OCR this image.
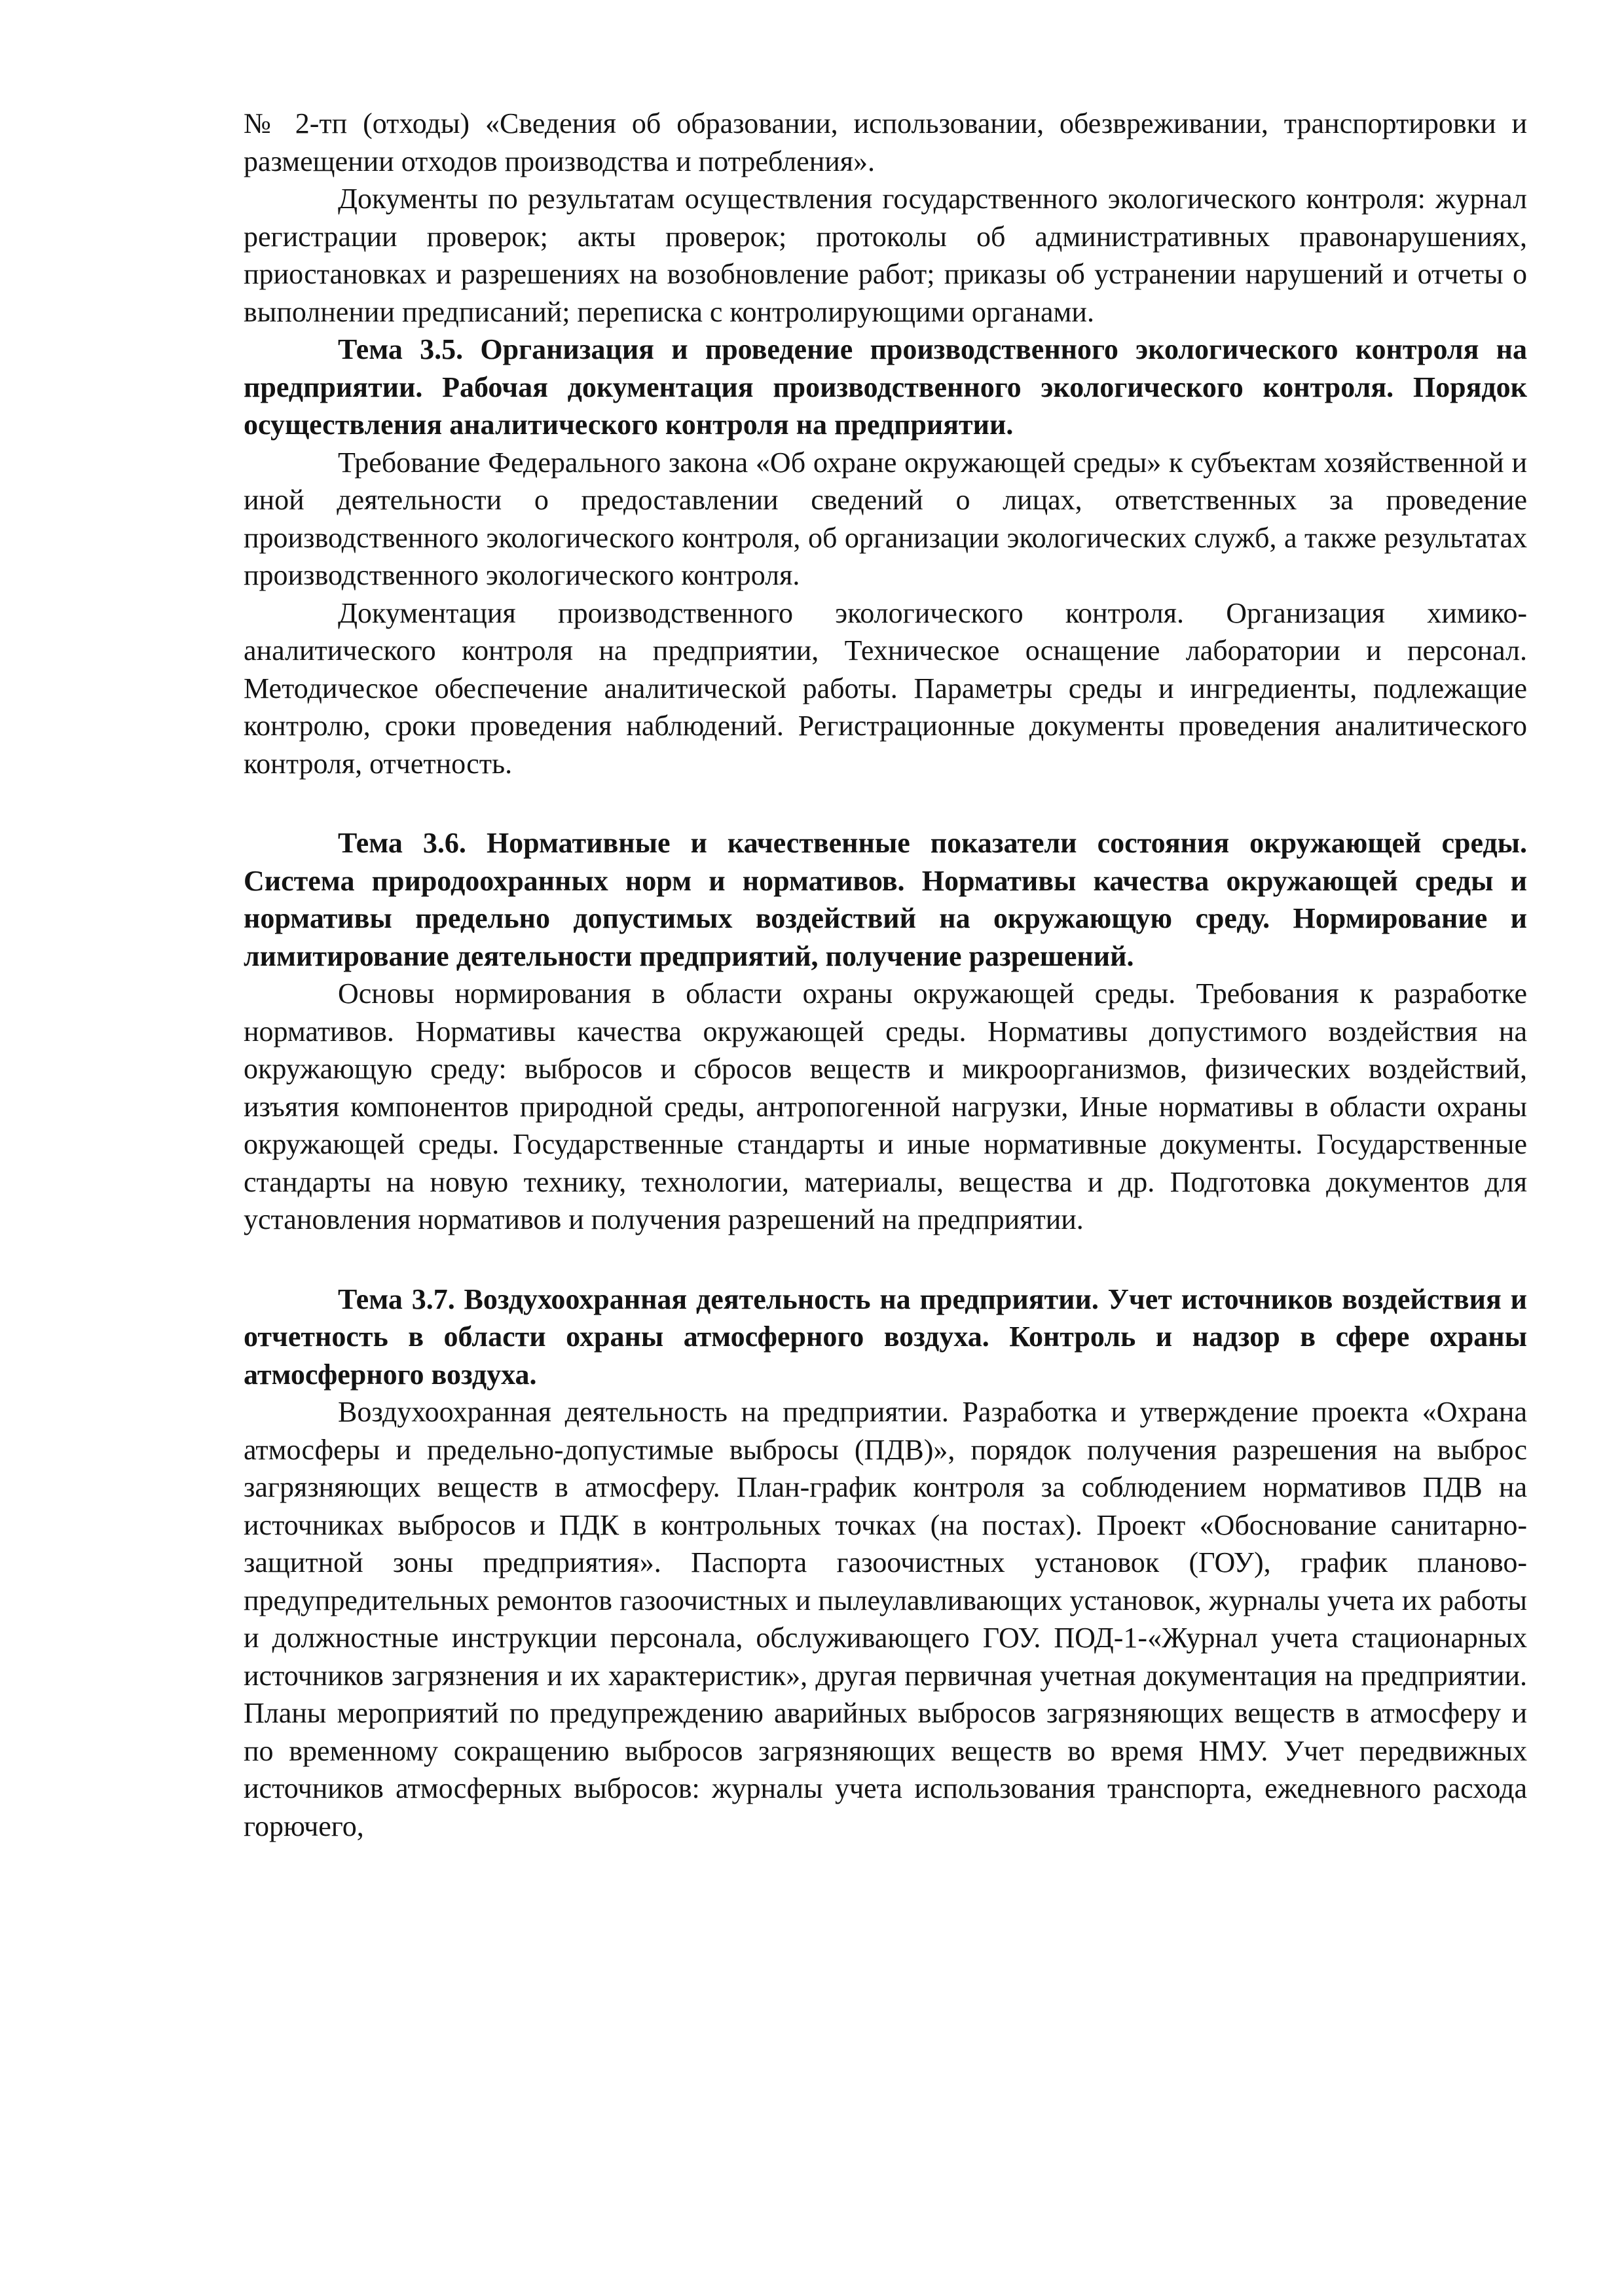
№ 2-тп (отходы) «Сведения об образовании, использовании, обезвреживании, транспортировки и размещении отходов производства и потребления».

Документы по результатам осуществления государственного экологического контроля: журнал регистрации проверок; акты проверок; протоколы об административных правонарушениях, приостановках и разрешениях на возобновление работ; приказы об устранении нарушений и отчеты о выполнении предписаний; переписка с контролирующими органами.

Тема 3.5. Организация и проведение производственного экологического контроля на предприятии. Рабочая документация производственного экологического контроля. Порядок осуществления аналитического контроля на предприятии.

Требование Федерального закона «Об охране окружающей среды» к субъектам хозяйственной и иной деятельности о предоставлении сведений о лицах, ответственных за проведение производственного экологического контроля, об организации экологических служб, а также результатах производственного экологического контроля.

Документация производственного экологического контроля. Организация химико-аналитического контроля на предприятии, Техническое оснащение лаборатории и персонал. Методическое обеспечение аналитической работы. Параметры среды и ингредиенты, подлежащие контролю, сроки проведения наблюдений. Регистрационные документы проведения аналитического контроля, отчетность.

Тема 3.6. Нормативные и качественные показатели состояния окружающей среды. Система природоохранных норм и нормативов. Нормативы качества окружающей среды и нормативы предельно допустимых воздействий на окружающую среду. Нормирование и лимитирование деятельности предприятий, получение разрешений.

Основы нормирования в области охраны окружающей среды. Требования к разработке нормативов. Нормативы качества окружающей среды. Нормативы допустимого воздействия на окружающую среду: выбросов и сбросов веществ и микроорганизмов, физических воздействий, изъятия компонентов природной среды, антропогенной нагрузки, Иные нормативы в области охраны окружающей среды. Государственные стандарты и иные нормативные документы. Государственные стандарты на новую технику, технологии, материалы, вещества и др. Подготовка документов для установления нормативов и получения разрешений на предприятии.

Тема 3.7. Воздухоохранная деятельность на предприятии. Учет источников воздействия и отчетность в области охраны атмосферного воздуха. Контроль и надзор в сфере охраны атмосферного воздуха.

Воздухоохранная деятельность на предприятии. Разработка и утверждение проекта «Охрана атмосферы и предельно-допустимые выбросы (ПДВ)», порядок получения разрешения на выброс загрязняющих веществ в атмосферу. План-график контроля за соблюдением нормативов ПДВ на источниках выбросов и ПДК в контрольных точках (на постах). Проект «Обоснование санитарно-защитной зоны предприятия». Паспорта газоочистных установок (ГОУ), график планово-предупредительных ремонтов газоочистных и пылеулавливающих установок, журналы учета их работы и должностные инструкции персонала, обслуживающего ГОУ. ПОД-1-«Журнал учета стационарных источников загрязнения и их характеристик», другая первичная учетная документация на предприятии. Планы мероприятий по предупреждению аварийных выбросов загрязняющих веществ в атмосферу и по временному сокращению выбросов загрязняющих веществ во время НМУ. Учет передвижных источников атмосферных выбросов: журналы учета использования транспорта, ежедневного расхода горючего,
